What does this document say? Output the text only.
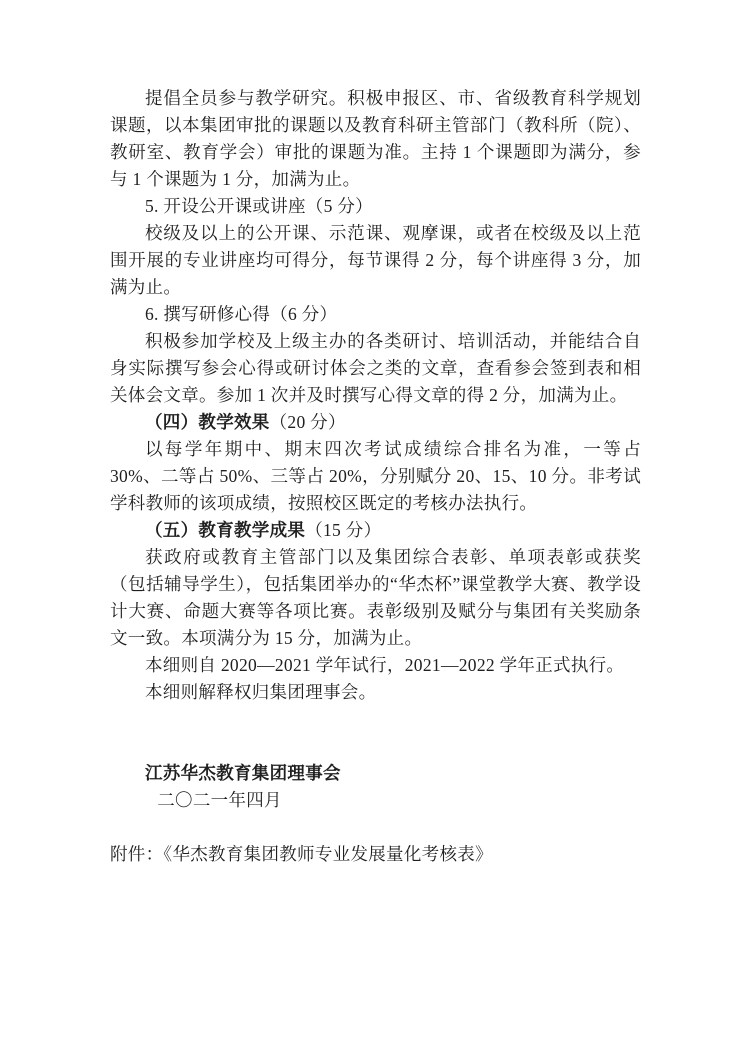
提倡全员参与教学研究。积极申报区、市、省级教育科学规划课题，以本集团审批的课题以及教育科研主管部门（教科所（院）、教研室、教育学会）审批的课题为准。主持 1 个课题即为满分，参与 1 个课题为 1 分，加满为止。

5. 开设公开课或讲座（5 分）

校级及以上的公开课、示范课、观摩课，或者在校级及以上范围开展的专业讲座均可得分，每节课得 2 分，每个讲座得 3 分，加满为止。

6. 撰写研修心得（6 分）

积极参加学校及上级主办的各类研讨、培训活动，并能结合自身实际撰写参会心得或研讨体会之类的文章，查看参会签到表和相关体会文章。参加 1 次并及时撰写心得文章的得 2 分，加满为止。

（四）教学效果（20 分）

以每学年期中、期末四次考试成绩综合排名为准，一等占 30%、二等占 50%、三等占 20%，分别赋分 20、15、10 分。非考试学科教师的该项成绩，按照校区既定的考核办法执行。

（五）教育教学成果（15 分）

获政府或教育主管部门以及集团综合表彰、单项表彰或获奖（包括辅导学生），包括集团举办的“华杰杯”课堂教学大赛、教学设计大赛、命题大赛等各项比赛。表彰级别及赋分与集团有关奖励条文一致。本项满分为 15 分，加满为止。

本细则自 2020—2021 学年试行，2021—2022 学年正式执行。

本细则解释权归集团理事会。

江苏华杰教育集团理事会

二〇二一年四月

附件：《华杰教育集团教师专业发展量化考核表》
